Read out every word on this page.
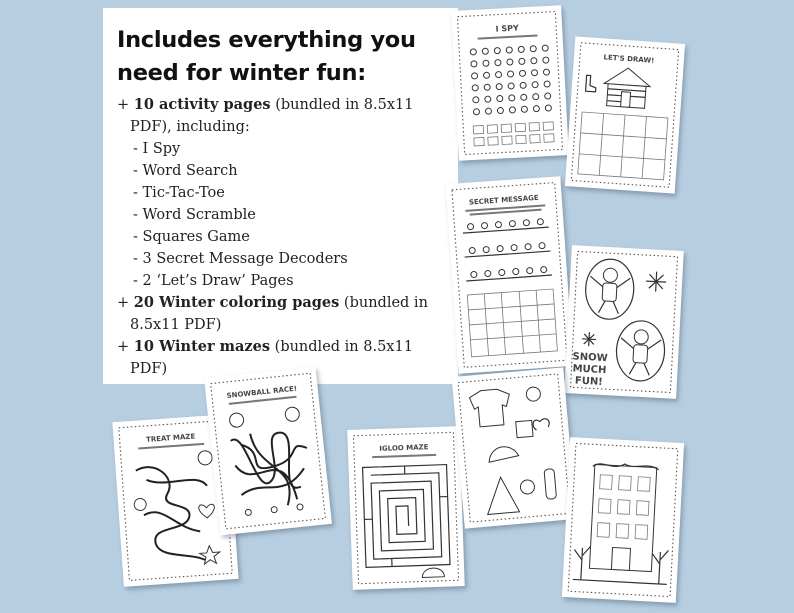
Includes everything you
need for winter fun:
+ 10 activity pages (bundled in 8.5x11
PDF), including:
- I Spy
- Word Search
- Tic-Tac-Toe
- Word Scramble
- Squares Game
- 3 Secret Message Decoders
- 2 ‘Let’s Draw’ Pages
+ 20 Winter coloring pages (bundled in
8.5x11 PDF)
+ 10 Winter mazes (bundled in 8.5x11
PDF)
I SPY
LET'S DRAW!
SECRET MESSAGE
SNOW
MUCH
FUN!
TREAT MAZE
SNOWBALL RACE!
IGLOO MAZE
